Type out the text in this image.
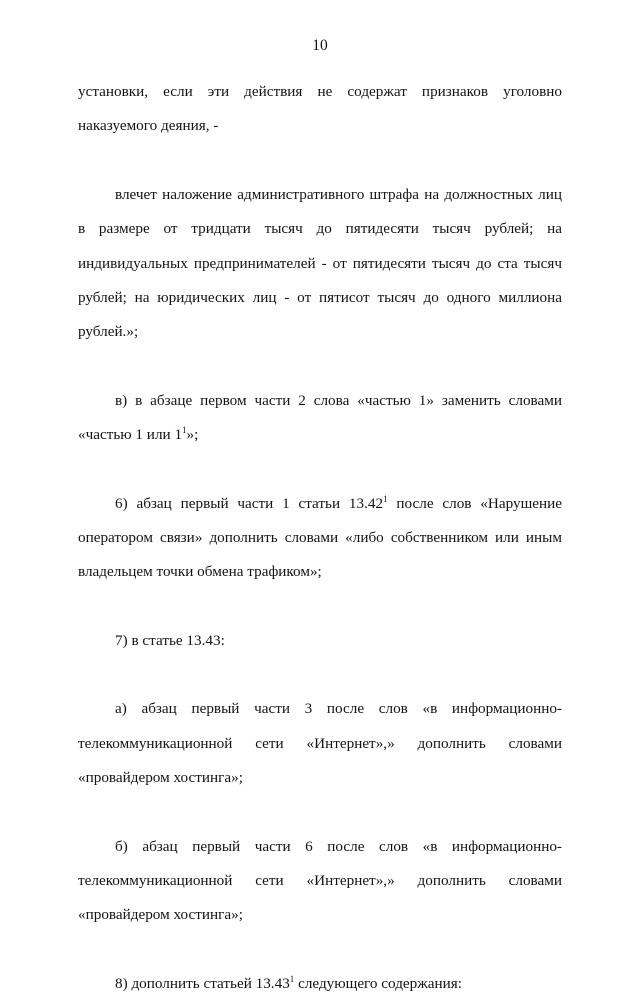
10

установки, если эти действия не содержат признаков уголовно наказуемого деяния, -

влечет наложение административного штрафа на должностных лиц в размере от тридцати тысяч до пятидесяти тысяч рублей; на индивидуальных предпринимателей - от пятидесяти тысяч до ста тысяч рублей; на юридических лиц - от пятисот тысяч до одного миллиона рублей.»;

в) в абзаце первом части 2 слова «частью 1» заменить словами «частью 1 или $1^1$»;

6) абзац первый части 1 статьи 13.42$^1$ после слов «Нарушение оператором связи» дополнить словами «либо собственником или иным владельцем точки обмена трафиком»;

7) в статье 13.43:

а) абзац первый части 3 после слов «в информационно-телекоммуникационной сети «Интернет»,» дополнить словами «провайдером хостинга»;

б) абзац первый части 6 после слов «в информационно-телекоммуникационной сети «Интернет»,» дополнить словами «провайдером хостинга»;

8) дополнить статьей 13.43$^1$ следующего содержания:
